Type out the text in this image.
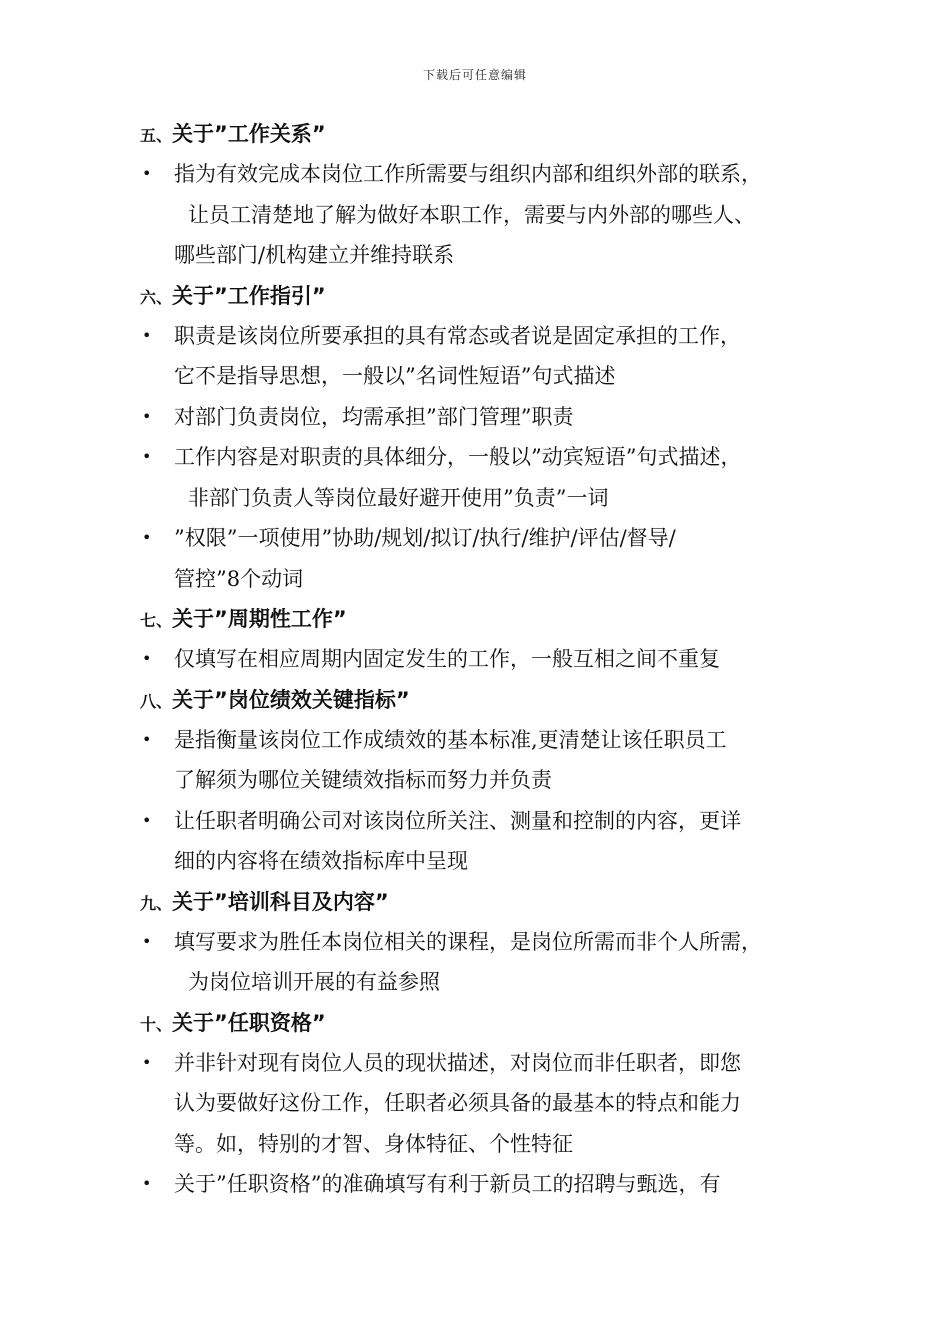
下载后可任意编辑
五、关于”工作关系”
• 指为有效完成本岗位工作所需要与组织内部和组织外部的联系，
让员工清楚地了解为做好本职工作，需要与内外部的哪些人、
哪些部门/机构建立并维持联系
六、关于”工作指引”
• 职责是该岗位所要承担的具有常态或者说是固定承担的工作，
它不是指导思想，一般以”名词性短语”句式描述
• 对部门负责岗位，均需承担”部门管理”职责
• 工作内容是对职责的具体细分，一般以”动宾短语”句式描述，
非部门负责人等岗位最好避开使用”负责”一词
• ”权限”一项使用”协助/规划/拟订/执行/维护/评估/督导/
管控”8个动词
七、关于”周期性工作”
• 仅填写在相应周期内固定发生的工作，一般互相之间不重复
八、关于”岗位绩效关键指标”
• 是指衡量该岗位工作成绩效的基本标准,更清楚让该任职员工
了解须为哪位关键绩效指标而努力并负责
• 让任职者明确公司对该岗位所关注、测量和控制的内容，更详
细的内容将在绩效指标库中呈现
九、关于”培训科目及内容”
• 填写要求为胜任本岗位相关的课程，是岗位所需而非个人所需，
为岗位培训开展的有益参照
十、关于”任职资格”
• 并非针对现有岗位人员的现状描述，对岗位而非任职者，即您
认为要做好这份工作，任职者必须具备的最基本的特点和能力
等。如，特别的才智、身体特征、个性特征
• 关于”任职资格”的准确填写有利于新员工的招聘与甄选，有
